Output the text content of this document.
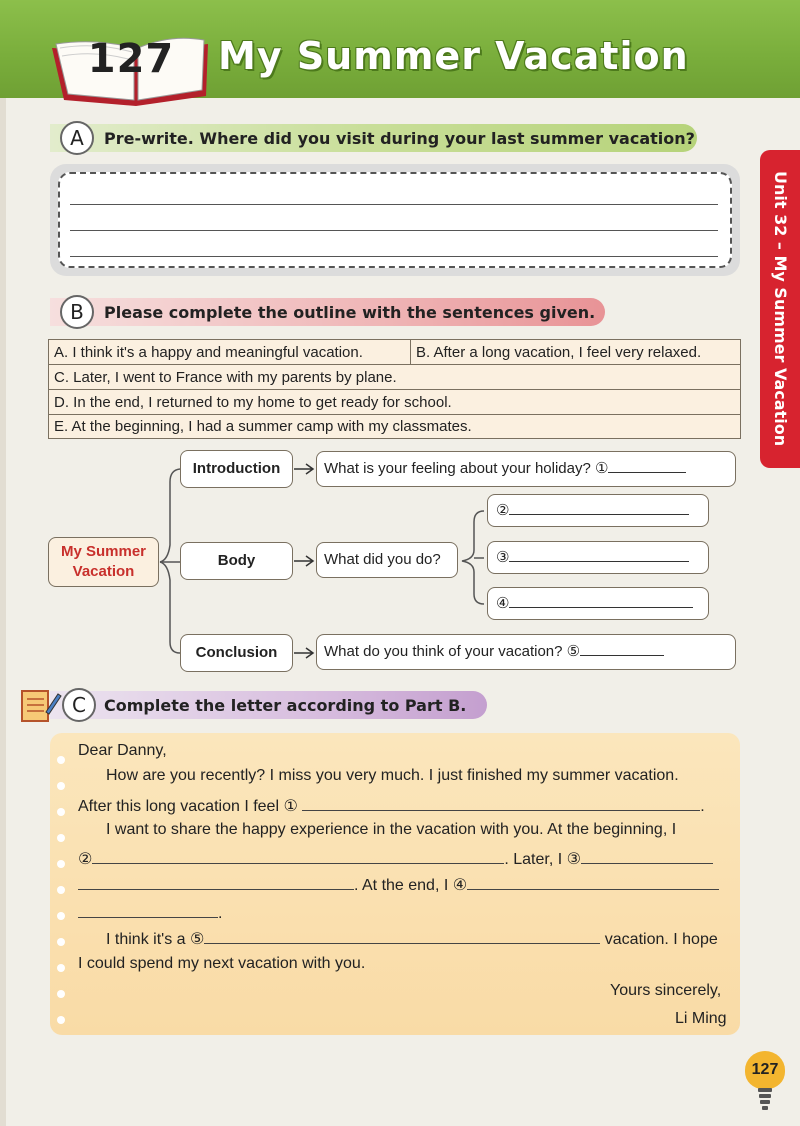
127 My Summer Vacation
Unit 32 – My Summer Vacation
Pre-write. Where did you visit during your last summer vacation?
A
Please complete the outline with the sentences given.
B
A. I think it's a happy and meaningful vacation.	B. After a long vacation, I feel very relaxed.
C. Later, I went to France with my parents by plane.
D. In the end, I returned to my home to get ready for school.
E. At the beginning, I had a summer camp with my classmates.
My Summer Vacation
Introduction
Body
Conclusion
What is your feeling about your holiday? ①
What did you do?
What do you think of your vacation? ⑤
②
③
④
Complete the letter according to Part B.
C
Dear Danny,
How are you recently? I miss you very much. I just finished my summer vacation.
After this long vacation I feel ①	.
I want to share the happy experience in the vacation with you. At the beginning, I
②	. Later, I ③
. At the end, I ④
.
I think it's a ⑤	vacation. I hope
I could spend my next vacation with you.
Yours sincerely,
Li Ming
127
